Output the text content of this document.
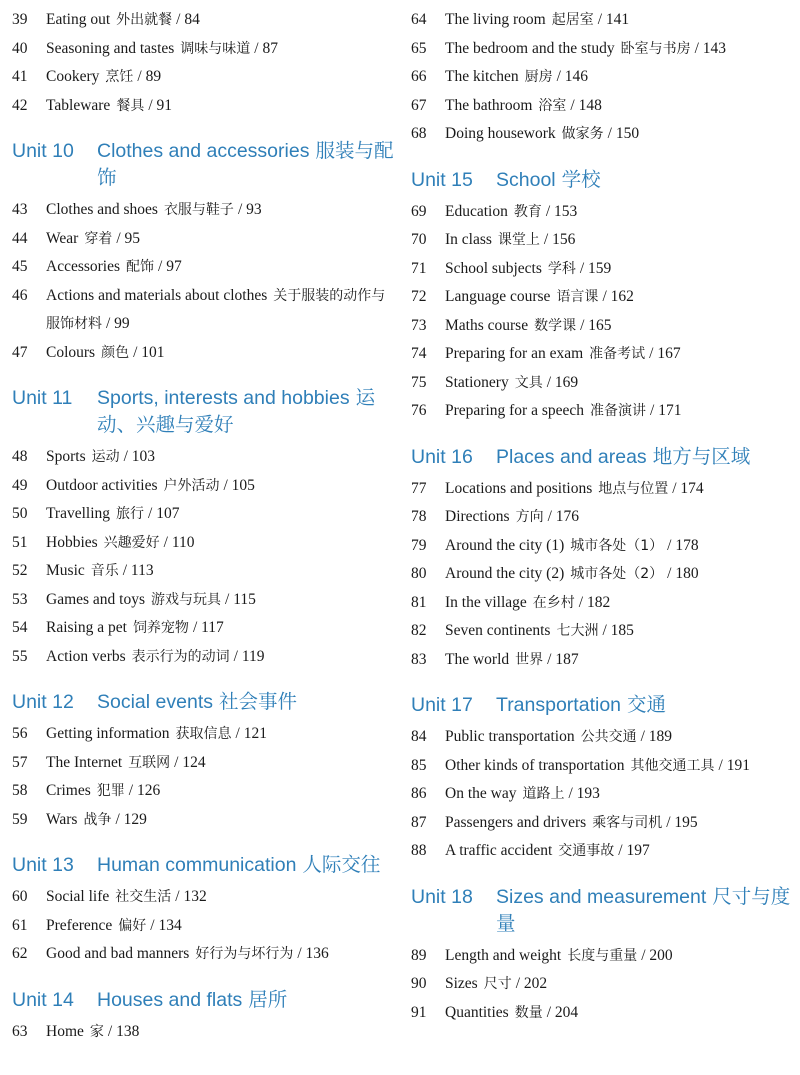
39	Eating out 外出就餐 / 84
40	Seasoning and tastes 调味与味道 / 87
41	Cookery 烹饪 / 89
42	Tableware 餐具 / 91
Unit 10	Clothes and accessories 服装与配饰
43	Clothes and shoes 衣服与鞋子 / 93
44	Wear 穿着 / 95
45	Accessories 配饰 / 97
46	Actions and materials about clothes 关于服装的动作与服饰材料 / 99
47	Colours 颜色 / 101
Unit 11	Sports, interests and hobbies 运动、兴趣与爱好
48	Sports 运动 / 103
49	Outdoor activities 户外活动 / 105
50	Travelling 旅行 / 107
51	Hobbies 兴趣爱好 / 110
52	Music 音乐 / 113
53	Games and toys 游戏与玩具 / 115
54	Raising a pet 饲养宠物 / 117
55	Action verbs 表示行为的动词 / 119
Unit 12	Social events 社会事件
56	Getting information 获取信息 / 121
57	The Internet 互联网 / 124
58	Crimes 犯罪 / 126
59	Wars 战争 / 129
Unit 13	Human communication 人际交往
60	Social life 社交生活 / 132
61	Preference 偏好 / 134
62	Good and bad manners 好行为与坏行为 / 136
Unit 14	Houses and flats 居所
63	Home 家 / 138
64	The living room 起居室 / 141
65	The bedroom and the study 卧室与书房 / 143
66	The kitchen 厨房 / 146
67	The bathroom 浴室 / 148
68	Doing housework 做家务 / 150
Unit 15	School 学校
69	Education 教育 / 153
70	In class 课堂上 / 156
71	School subjects 学科 / 159
72	Language course 语言课 / 162
73	Maths course 数学课 / 165
74	Preparing for an exam 准备考试 / 167
75	Stationery 文具 / 169
76	Preparing for a speech 准备演讲 / 171
Unit 16	Places and areas 地方与区域
77	Locations and positions 地点与位置 / 174
78	Directions 方向 / 176
79	Around the city (1) 城市各处（1） / 178
80	Around the city (2) 城市各处（2） / 180
81	In the village 在乡村 / 182
82	Seven continents 七大洲 / 185
83	The world 世界 / 187
Unit 17	Transportation 交通
84	Public transportation 公共交通 / 189
85	Other kinds of transportation 其他交通工具 / 191
86	On the way 道路上 / 193
87	Passengers and drivers 乘客与司机 / 195
88	A traffic accident 交通事故 / 197
Unit 18	Sizes and measurement 尺寸与度量
89	Length and weight 长度与重量 / 200
90	Sizes 尺寸 / 202
91	Quantities 数量 / 204
